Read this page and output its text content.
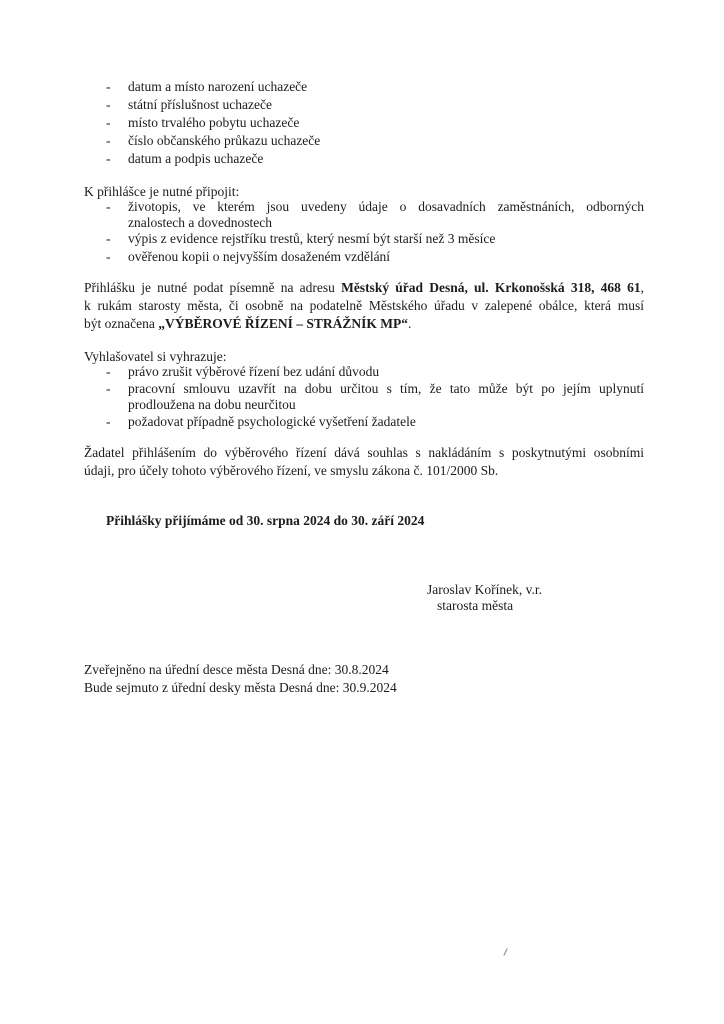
- datum a místo narození uchazeče
- státní příslušnost uchazeče
- místo trvalého pobytu uchazeče
- číslo občanského průkazu uchazeče
- datum a podpis uchazeče
K přihlášce je nutné připojit:
- životopis, ve kterém jsou uvedeny údaje o dosavadních zaměstnáních, odborných
znalostech a dovednostech
- výpis z evidence rejstříku trestů, který nesmí být starší než 3 měsíce
- ověřenou kopii o nejvyšším dosaženém vzdělání
Přihlášku je nutné podat písemně na adresu Městský úřad Desná, ul. Krkonošská 318, 468 61,
k rukám starosty města, či osobně na podatelně Městského úřadu v zalepené obálce, která musí
být označena „VÝBĚROVÉ ŘÍZENÍ – STRÁŽNÍK MP“.
Vyhlašovatel si vyhrazuje:
- právo zrušit výběrové řízení bez udání důvodu
- pracovní smlouvu uzavřít na dobu určitou s tím, že tato může být po jejím uplynutí
prodloužena na dobu neurčitou
- požadovat případně psychologické vyšetření žadatele
Žadatel přihlášením do výběrového řízení dává souhlas s nakládáním s poskytnutými osobními
údaji, pro účely tohoto výběrového řízení, ve smyslu zákona č. 101/2000 Sb.
Přihlášky přijímáme od 30. srpna 2024 do 30. září 2024
Jaroslav Kořínek, v.r.
starosta města
Zveřejněno na úřední desce města Desná dne: 30.8.2024
Bude sejmuto z úřední desky města Desná dne: 30.9.2024
